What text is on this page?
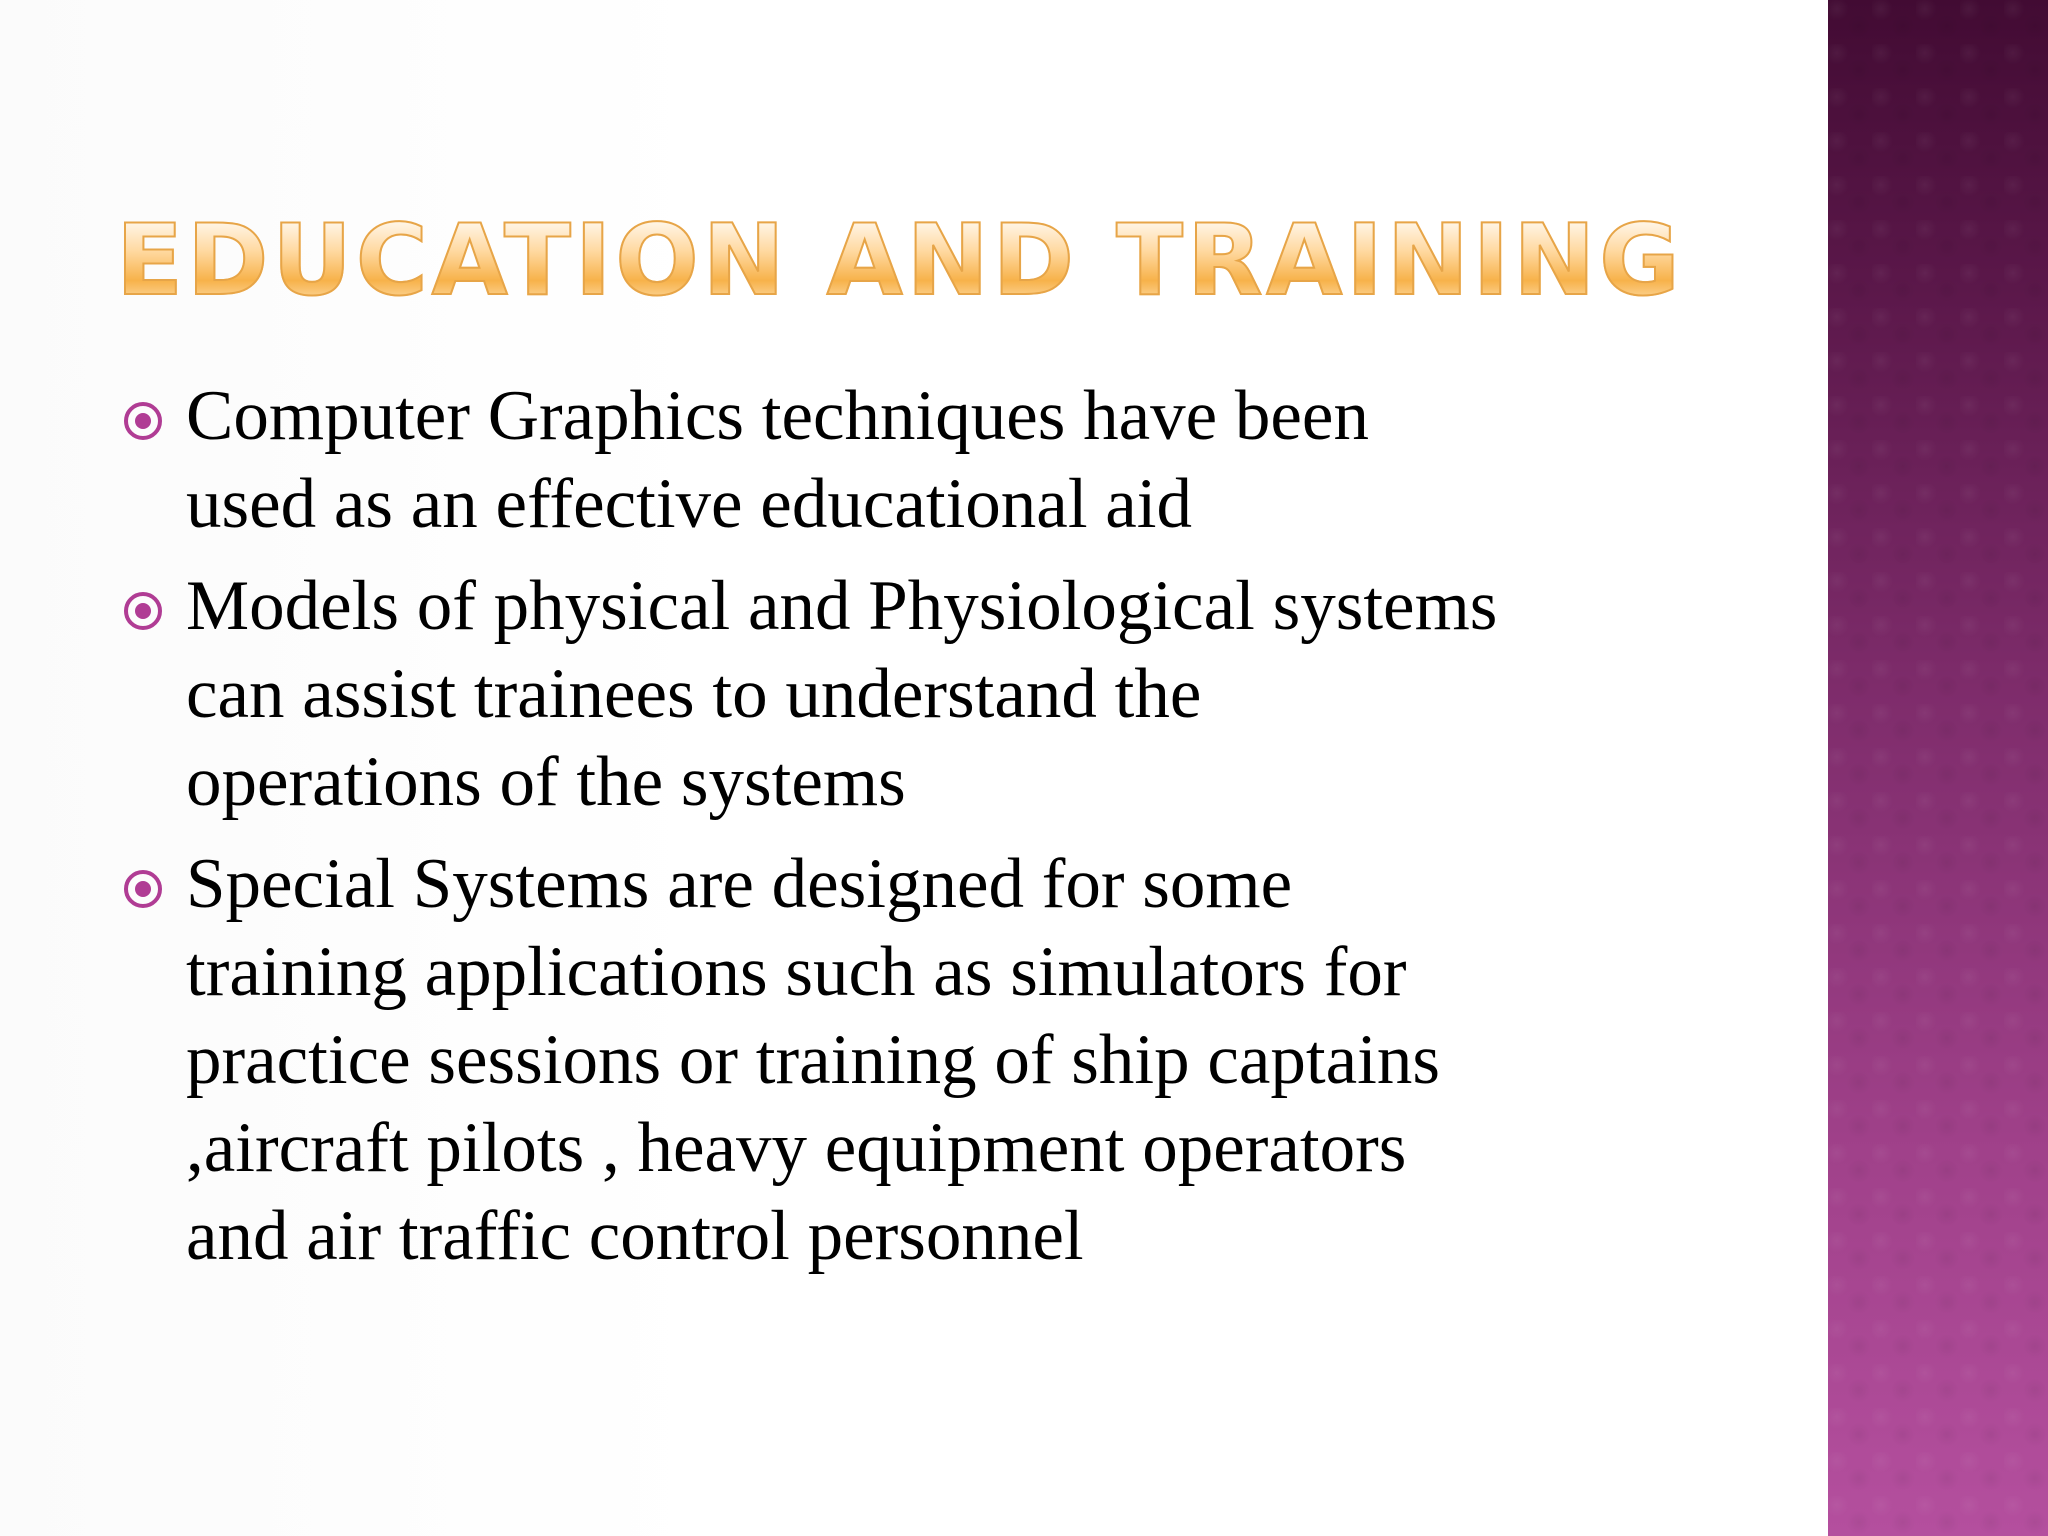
EDUCATION AND TRAINING
Computer Graphics techniques have been
used as an effective educational aid
Models of physical and Physiological systems
can assist trainees to understand the
operations of the systems
Special Systems are designed for some
training applications such as simulators for
practice sessions or training of ship captains
,aircraft pilots , heavy equipment operators
and air traffic control personnel
